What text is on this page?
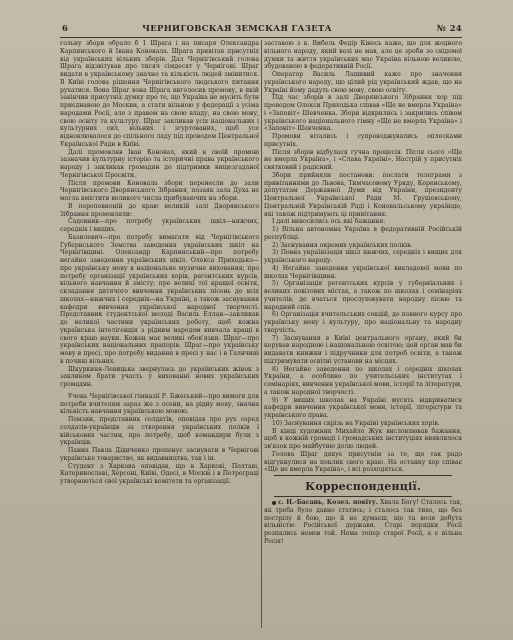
6	ЧЕРНИГОВСКАЯ ЗЕМСКАЯ ГАЗЕТА	№ 24

гольну збори обрало б 1 Шрага і на писаря Олександра Карпинського й Івана Коновала. Шрага привітав присутніх від українських вільних зборів. Дал Чернігівський голова Шрага відзвітував про тисяч сімдесят у Чернігові. Шраг видати в українському значно та кількість людей змінитися. В Київі голова рішення Чернігівського людського питання рухатися. Вона Шраг вона Шрага виголосив промову, в якій закінчив присутніх думку про те, що Україна не мусить бути приєднаною до Москви, а стати вільною у федерації з усіма народами Росії, але з правом на свою владу, на свою мову, свою освіту та культуру. Шраг закликав усіх національних і культурних сил, вільних і згуртованих, щоб усе відновлювалося до спільного ладу під проводом Центральної Української Ради в Київі.

Далі промовляв Іван Коновал, який в своїй промові зазначив культурну історію та історичні права українського народу і закликав громадян до підтримки вищезгаданої Чернігівської Просвіти.

Після промови Коновала збори перенесли до зали Чернігівського Дворянського Зібрання, позаяк зала Духа не могла вмістити великого числа прибуваючих на збори.

В переповненій до краю великій залі Дворянського Зібрання промовляли:

Садовник—про потребу українських шкіл—нижчих, середніх і вищих.

Базилевич—про потребу вимагати від Чернігівського Губернського Земства заведення українських шкіл на Чернігівщині. Олександр Карпинський—про потребу негайно заведення українських шкіл. Олекса Приходько—про українську мову в національне музичне виховання; про потребу організації українських хорів, регентських курсів, вільного навчання й змісту; про великі тої кращої освіти, складання дитячого вивчення українських пісень до всіх школах—нижчих і середніх—на Україні, а також заснування кафедри вивчення української народної творчості. Представник студентської молоді Василь Еллан—закликав до великої частини українських роботу, щоб кожна українська інтелігенція з рідним народом вивчала кращі в свого краю науки. Кожен має великі обов'язки. Шраг—про українських національних прапорів. Шраг—про українську мову в пресі, про потребу видання в пресі у нас і в Галичині в почині вільних.

Шкуркиня-Левицька звернулась до українських жінок з закликом брати участь у вихованні нових українських громадян.

Учень Чернігівської гімназії Р. Бжеський—про вимоги для потреби вчителям зараз же з осени, на рідну мову, значна кількість навчання українською мовою.

Пемзин, представник солдатів, оповідав про рух серед солдатів-українців за створення українських полків і військових частин, про потребу, щоб командири були з українців.

Панна Павла Дідиченко пропонує заснувати в Чернігові українське товариство, як видавництва, так і ін.

Студент з Харкова оповідав, що в Харкові, Полтаві, Катеринославі, Херсоні, Київі, Одесі, в Москві і в Петрограді утворюються свої українські комітети та організації.

заставою з в. Вибель Федір Кінесь каже, що для жодного вільного народу, який волі не мав, але це зроби зо свідомої думки та життя українських мас Україна вільною великою, збудованою в федеративній Росії.

Оператор Василь Лашивий каже про значення українського народу, що цілий рід український ждав, що на Україні йому дадуть свою мову, свою освіту.

Під час зборів в залі Дворянського Зібрання хор під проводом Олекси Приходька співав «Ще не вмерла Україна» і «Заповіт» Шевченка. Збори відкрились і закрились співом українського національного гімну «Ще не вмерла Україна» і «Заповіт» Шевченка.

Промови вітались і супроводжувались оплесками присутніх.

Після зборів відбулася гучна процесія. Після сього «Ще не вмерла Україна», і «Слава Україні». Настрій у присутніх святковий і радісний.

Збори прийняли постанови: послати телеграми з привітаннями до Львова, Тимчасовому Уряду, Керенському, депутатам Державної Думи від України, президенту Центральної Української Ради М. Грушевському, Центральній Українській Раді і Коновальському українцю, які також підтримують ці привітання.

І далі виносились ось які бажання:

1) Вільна автономна Україна в федеративній Російській республіці.

2) Заснування окремих українських полків.

3) Повна українізація шкіл нижчих, середніх і вищих для українського народу.

4) Негайне заведення української викладової мови по школах Чернігівщини.

5) Організація регентських курсів у губерніальних і великих повітових містах, а також по школах і семінаріях учителів, де вчаться прослуховувати народну пісню та народний спів.

6) Організація вчительських секцій, до повного курсу про українську мову і культуру, про національну та народну творчість.

7) Заснування в Київі центрального органу, який би керував народною і національною освітою; цей орган мав би видавати книжки і підручники для потреб освіти, а також підтримувати освітні установи на місцях.

8) Негайне заведення по школах і середніх школах України, а особливо по учительських інститутах і семінаріях, вивчення української мови, історії та літератури, а також народної творчості.

9) У вищих школах на Україні мусять відкриватися кафедри вивчення української мови, історії, літератури та українського права.

10) Заснування скрізь на Україні українських хорів.

В кінці художник Михайло Жук висловлював бажання, щоб в кожній громаді і громадських інституціях виявлялося зв'язок про майбутню долю людей.

Голова Шраг дякує присутнім за те, що так радо відгукнулися на поклик свого краю. На останку хор співає «Ще не вмерла Україна», і всі розходяться.

Корреспонденції.

с. Н.-Басань, Козел. повіту. Хвала Богу! Сталось так, як треба було давно статись; і сталось так тихо, що без пострілу й бою, що й не думаєш, що та воля добута вільністю Російської держави. Старі порядки Росії розпались немов той. Нема тепер старої Росії, а є вільна Росія!
